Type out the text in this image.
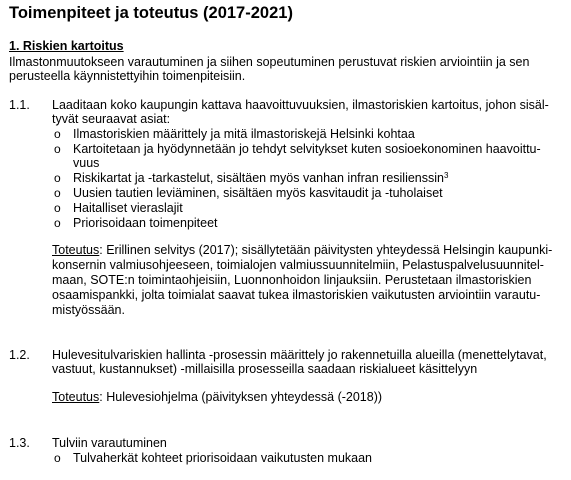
Toimenpiteet ja toteutus (2017-2021)
1. Riskien kartoitus
Ilmastonmuutokseen varautuminen ja siihen sopeutuminen perustuvat riskien arviointiin ja sen
perusteella käynnistettyihin toimenpiteisiin.
1.1.	Laaditaan koko kaupungin kattava haavoittuvuuksien, ilmastoriskien kartoitus, johon sisäl-
tyvät seuraavat asiat:
o Ilmastoriskien määrittely ja mitä ilmastoriskejä Helsinki kohtaa
o Kartoitetaan ja hyödynnetään jo tehdyt selvitykset kuten sosioekonominen haavoittu-
vuus
o Riskikartat ja -tarkastelut, sisältäen myös vanhan infran resilienssin$^3$
o Uusien tautien leviäminen, sisältäen myös kasvitaudit ja -tuholaiset
o Haitalliset vieraslajit
o Priorisoidaan toimenpiteet
Toteutus: Erillinen selvitys (2017); sisällytetään päivitysten yhteydessä Helsingin kaupunki-
konsernin valmiusohjeeseen, toimialojen valmiussuunnitelmiin, Pelastuspalvelusuunnitel-
maan, SOTE:n toimintaohjeisiin, Luonnonhoidon linjauksiin. Perustetaan ilmastoriskien
osaamispankki, jolta toimialat saavat tukea ilmastoriskien vaikutusten arviointiin varautu-
mistyössään.
1.2.	Hulevesitulvariskien hallinta -prosessin määrittely jo rakennetuilla alueilla (menettelytavat,
vastuut, kustannukset) -millaisilla prosesseilla saadaan riskialueet käsittelyyn
Toteutus: Hulevesiohjelma (päivityksen yhteydessä (-2018))
1.3.	Tulviin varautuminen
o Tulvaherkät kohteet priorisoidaan vaikutusten mukaan
